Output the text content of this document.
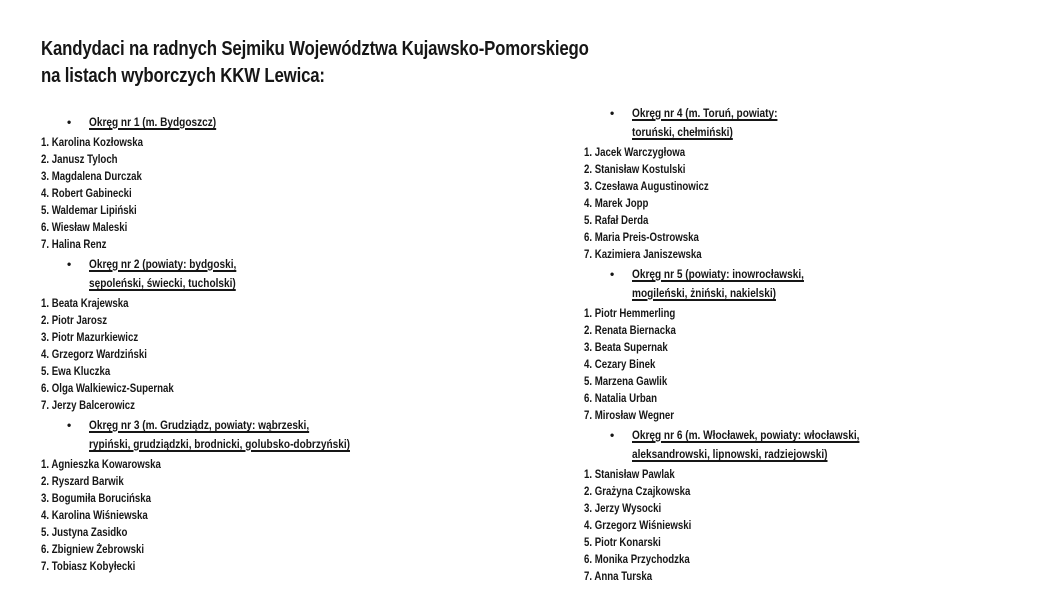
Kandydaci na radnych Sejmiku Województwa Kujawsko-Pomorskiego
na listach wyborczych KKW Lewica:
• Okręg nr 1 (m. Bydgoszcz)
1. Karolina Kozłowska
2. Janusz Tyloch
3. Magdalena Durczak
4. Robert Gabinecki
5. Waldemar Lipiński
6. Wiesław Maleski
7. Halina Renz
• Okręg nr 2 (powiaty: bydgoski,
sępoleński, świecki, tucholski)
1. Beata Krajewska
2. Piotr Jarosz
3. Piotr Mazurkiewicz
4. Grzegorz Wardziński
5. Ewa Kluczka
6. Olga Walkiewicz-Supernak
7. Jerzy Balcerowicz
• Okręg nr 3 (m. Grudziądz, powiaty: wąbrzeski,
rypiński, grudziądzki, brodnicki, golubsko-dobrzyński)
1. Agnieszka Kowarowska
2. Ryszard Barwik
3. Bogumiła Borucińska
4. Karolina Wiśniewska
5. Justyna Zasidko
6. Zbigniew Żebrowski
7. Tobiasz Kobyłecki
• Okręg nr 4 (m. Toruń, powiaty:
toruński, chełmiński)
1. Jacek Warczygłowa
2. Stanisław Kostulski
3. Czesława Augustinowicz
4. Marek Jopp
5. Rafał Derda
6. Maria Preis-Ostrowska
7. Kazimiera Janiszewska
• Okręg nr 5 (powiaty: inowrocławski,
mogileński, żniński, nakielski)
1. Piotr Hemmerling
2. Renata Biernacka
3. Beata Supernak
4. Cezary Binek
5. Marzena Gawlik
6. Natalia Urban
7. Mirosław Wegner
• Okręg nr 6 (m. Włocławek, powiaty: włocławski,
aleksandrowski, lipnowski, radziejowski)
1. Stanisław Pawlak
2. Grażyna Czajkowska
3. Jerzy Wysocki
4. Grzegorz Wiśniewski
5. Piotr Konarski
6. Monika Przychodzka
7. Anna Turska
